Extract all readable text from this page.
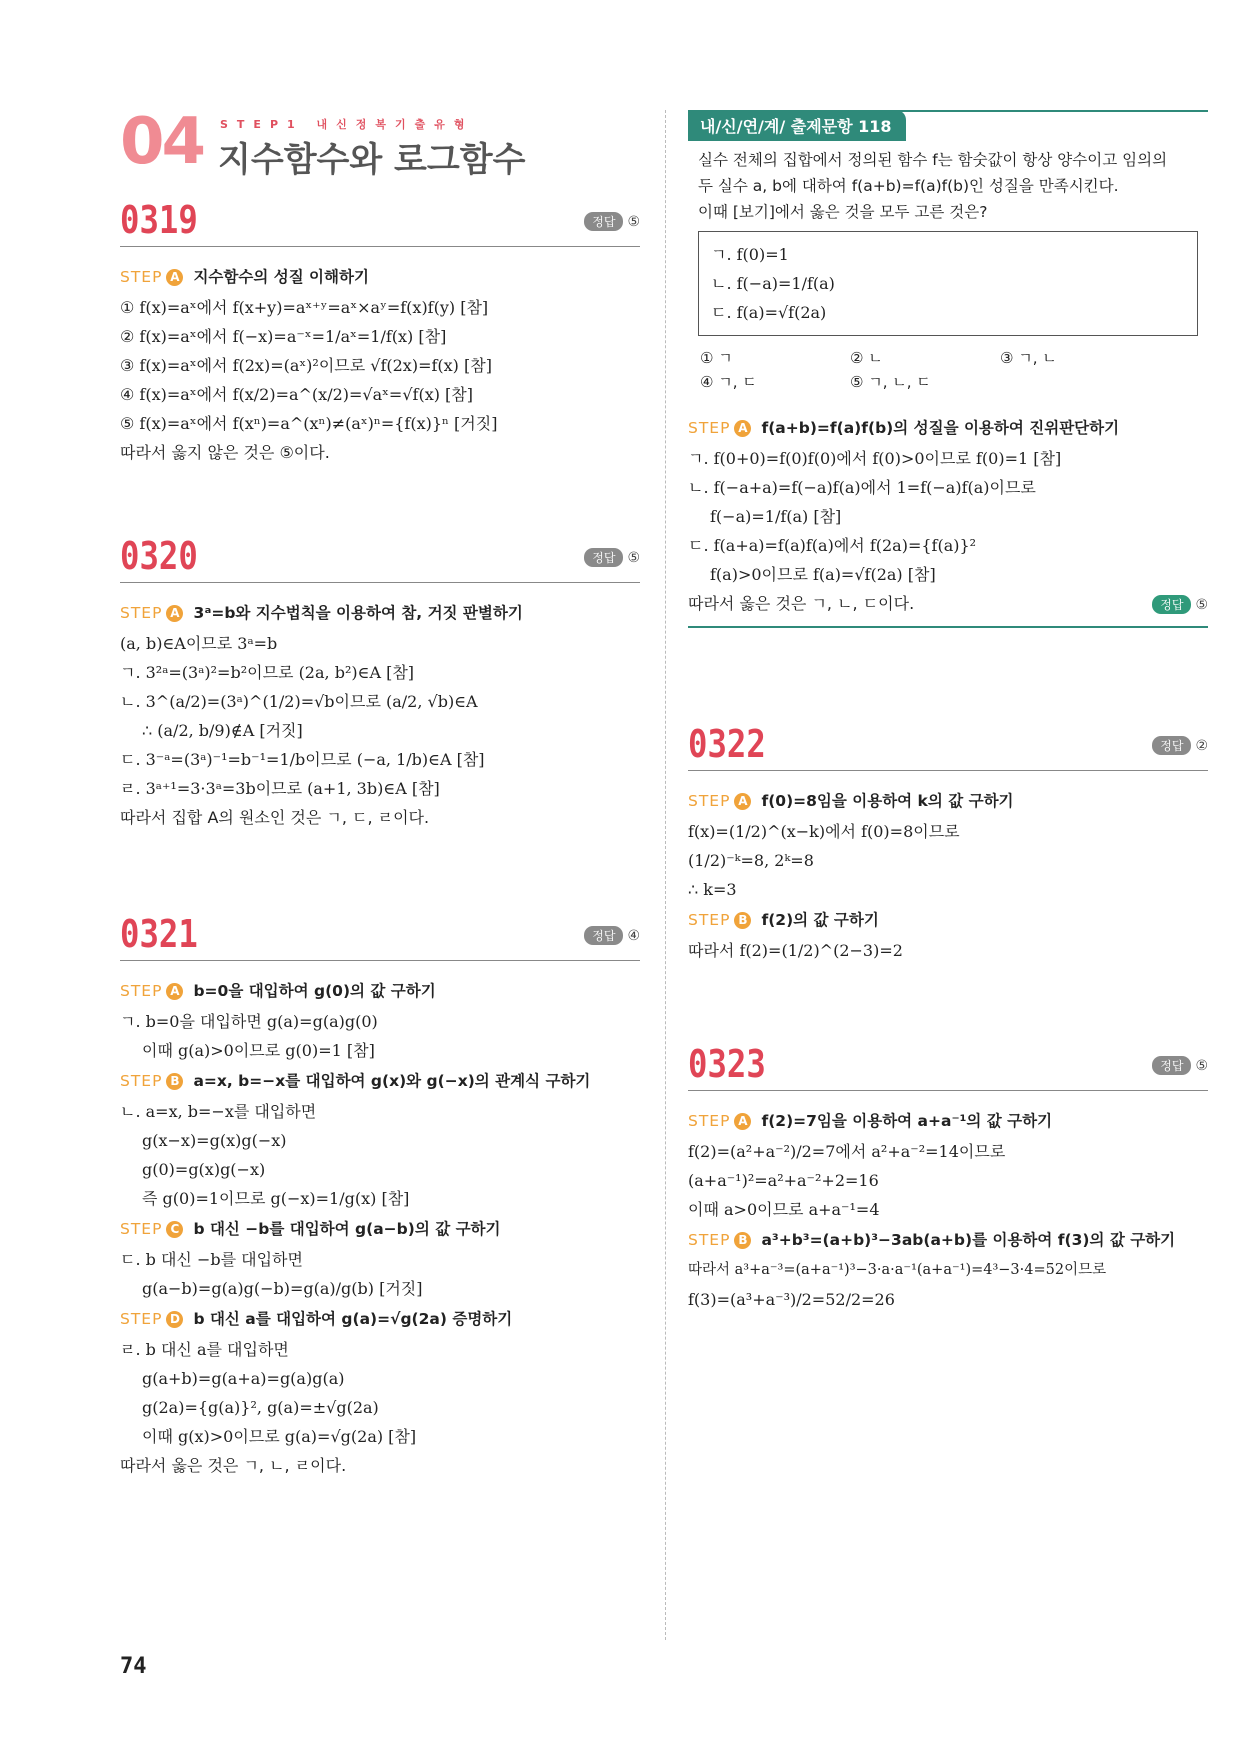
04 STEP1 내신정복기출유형
지수함수와 로그함수
0319	정답 ⑤
STEP A 지수함수의 성질 이해하기
① f(x)=aˣ에서 f(x+y)=aˣ⁺ʸ=aˣ×aʸ=f(x)f(y) [참]
② f(x)=aˣ에서 f(−x)=a⁻ˣ=1/aˣ=1/f(x) [참]
③ f(x)=aˣ에서 f(2x)=(aˣ)²이므로 √f(2x)=f(x) [참]
④ f(x)=aˣ에서 f(x/2)=a^(x/2)=√aˣ=√f(x) [참]
⑤ f(x)=aˣ에서 f(xⁿ)=a^(xⁿ)≠(aˣ)ⁿ={f(x)}ⁿ [거짓]
따라서 옳지 않은 것은 ⑤이다.
0320	정답 ⑤
STEP A 3ᵃ=b와 지수법칙을 이용하여 참, 거짓 판별하기
(a, b)∈A이므로 3ᵃ=b
ㄱ. 3²ᵃ=(3ᵃ)²=b²이므로 (2a, b²)∈A [참]
ㄴ. 3^(a/2)=(3ᵃ)^(1/2)=√b이므로 (a/2, √b)∈A
∴ (a/2, b/9)∉A [거짓]
ㄷ. 3⁻ᵃ=(3ᵃ)⁻¹=b⁻¹=1/b이므로 (−a, 1/b)∈A [참]
ㄹ. 3ᵃ⁺¹=3·3ᵃ=3b이므로 (a+1, 3b)∈A [참]
따라서 집합 A의 원소인 것은 ㄱ, ㄷ, ㄹ이다.
0321	정답 ④
STEP A b=0을 대입하여 g(0)의 값 구하기
ㄱ. b=0을 대입하면 g(a)=g(a)g(0)
이때 g(a)>0이므로 g(0)=1 [참]
STEP B a=x, b=−x를 대입하여 g(x)와 g(−x)의 관계식 구하기
ㄴ. a=x, b=−x를 대입하면
g(x−x)=g(x)g(−x)
g(0)=g(x)g(−x)
즉 g(0)=1이므로 g(−x)=1/g(x) [참]
STEP C b 대신 −b를 대입하여 g(a−b)의 값 구하기
ㄷ. b 대신 −b를 대입하면
g(a−b)=g(a)g(−b)=g(a)/g(b) [거짓]
STEP D b 대신 a를 대입하여 g(a)=√g(2a) 증명하기
ㄹ. b 대신 a를 대입하면
g(a+b)=g(a+a)=g(a)g(a)
g(2a)={g(a)}², g(a)=±√g(2a)
이때 g(x)>0이므로 g(a)=√g(2a) [참]
따라서 옳은 것은 ㄱ, ㄴ, ㄹ이다.
74
내/신/연/계/ 출제문항 118
실수 전체의 집합에서 정의된 함수 f는 함숫값이 항상 양수이고 임의의
두 실수 a, b에 대하여 f(a+b)=f(a)f(b)인 성질을 만족시킨다.
이때 [보기]에서 옳은 것을 모두 고른 것은?
ㄱ. f(0)=1
ㄴ. f(−a)=1/f(a)
ㄷ. f(a)=√f(2a)
① ㄱ	② ㄴ	③ ㄱ, ㄴ
④ ㄱ, ㄷ	⑤ ㄱ, ㄴ, ㄷ
STEP A f(a+b)=f(a)f(b)의 성질을 이용하여 진위판단하기
ㄱ. f(0+0)=f(0)f(0)에서 f(0)>0이므로 f(0)=1 [참]
ㄴ. f(−a+a)=f(−a)f(a)에서 1=f(−a)f(a)이므로
f(−a)=1/f(a) [참]
ㄷ. f(a+a)=f(a)f(a)에서 f(2a)={f(a)}²
f(a)>0이므로 f(a)=√f(2a) [참]
따라서 옳은 것은 ㄱ, ㄴ, ㄷ이다.	정답 ⑤
0322	정답 ②
STEP A f(0)=8임을 이용하여 k의 값 구하기
f(x)=(1/2)^(x−k)에서 f(0)=8이므로
(1/2)⁻ᵏ=8, 2ᵏ=8
∴ k=3
STEP B f(2)의 값 구하기
따라서 f(2)=(1/2)^(2−3)=2
0323	정답 ⑤
STEP A f(2)=7임을 이용하여 a+a⁻¹의 값 구하기
f(2)=(a²+a⁻²)/2=7에서 a²+a⁻²=14이므로
(a+a⁻¹)²=a²+a⁻²+2=16
이때 a>0이므로 a+a⁻¹=4
STEP B a³+b³=(a+b)³−3ab(a+b)를 이용하여 f(3)의 값 구하기
따라서 a³+a⁻³=(a+a⁻¹)³−3·a·a⁻¹(a+a⁻¹)=4³−3·4=52이므로
f(3)=(a³+a⁻³)/2=52/2=26
